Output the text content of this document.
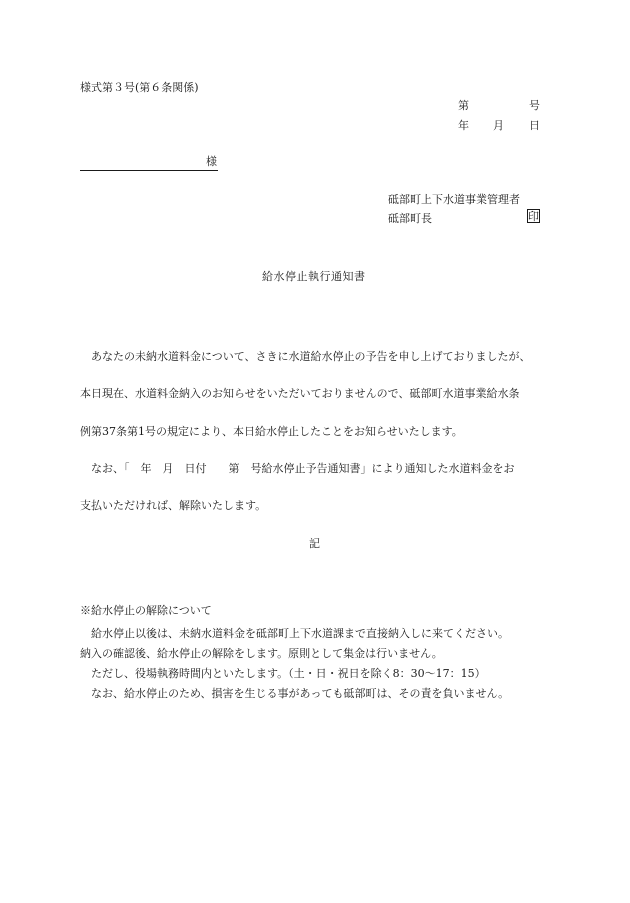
様式第３号(第６条関係)
第	号
年 月 日
様
砥部町上下水道事業管理者
砥部町長	印
給水停止執行通知書
　あなたの未納水道料金について、さきに水道給水停止の予告を申し上げておりましたが、
本日現在、水道料金納入のお知らせをいただいておりませんので、砥部町水道事業給水条
例第37条第1号の規定により、本日給水停止したことをお知らせいたします。
　なお、「　年　月　日付　　第　号給水停止予告通知書」により通知した水道料金をお
支払いただければ、解除いたします。
記
※給水停止の解除について
　給水停止以後は、未納水道料金を砥部町上下水道課まで直接納入しに来てください。
納入の確認後、給水停止の解除をします。原則として集金は行いません。
　ただし、役場執務時間内といたします。（土・日・祝日を除く8：30〜17：15）
　なお、給水停止のため、損害を生じる事があっても砥部町は、その責を負いません。
